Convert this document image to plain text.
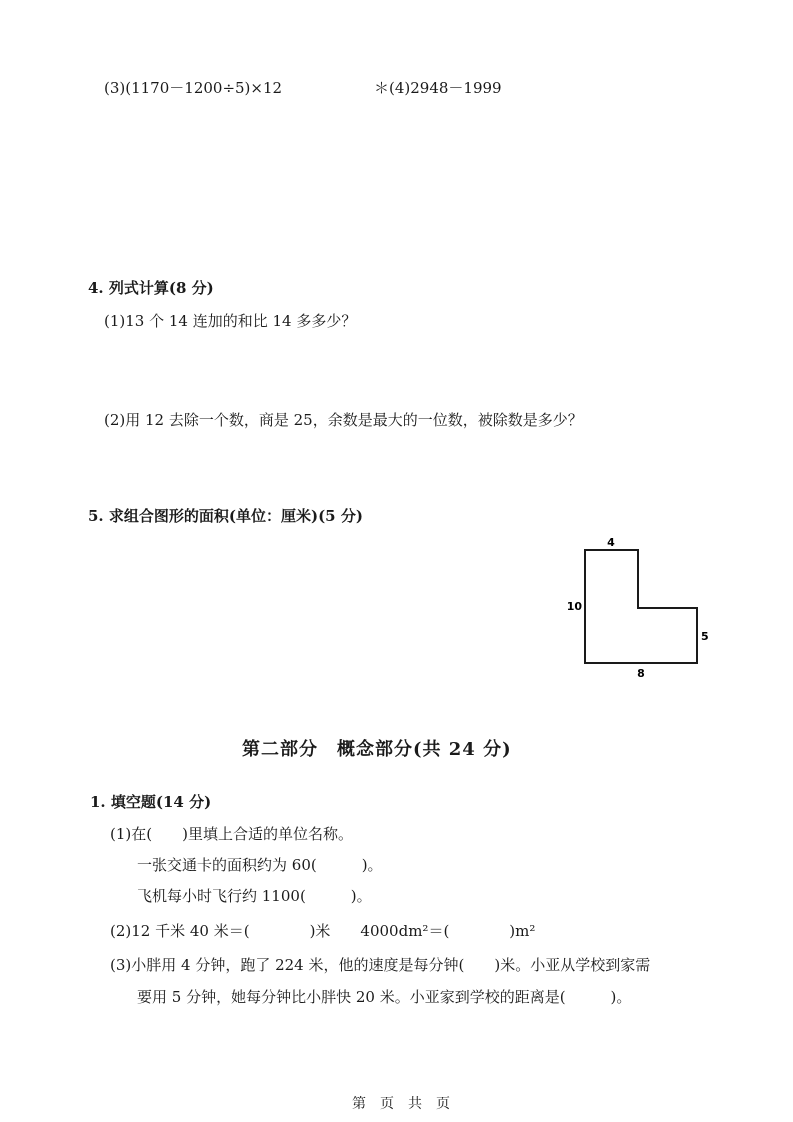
(3)(1170－1200÷5)×12	＊(4)2948－1999
4. 列式计算(8 分)
(1)13 个 14 连加的和比 14 多多少？
(2)用 12 去除一个数，商是 25，余数是最大的一位数，被除数是多少？
5. 求组合图形的面积(单位：厘米)(5 分)
4
10
5
8
第二部分　概念部分(共 24 分)
1. 填空题(14 分)
(1)在(　　)里填上合适的单位名称。
一张交通卡的面积约为 60(　　　)。
飞机每小时飞行约 1100(　　　)。
(2)12 千米 40 米＝(　　　　)米　　4000dm²＝(　　　　)m²
(3)小胖用 4 分钟，跑了 224 米，他的速度是每分钟(　　)米。小亚从学校到家需
要用 5 分钟，她每分钟比小胖快 20 米。小亚家到学校的距离是(　　　)。
第　页　共　页
